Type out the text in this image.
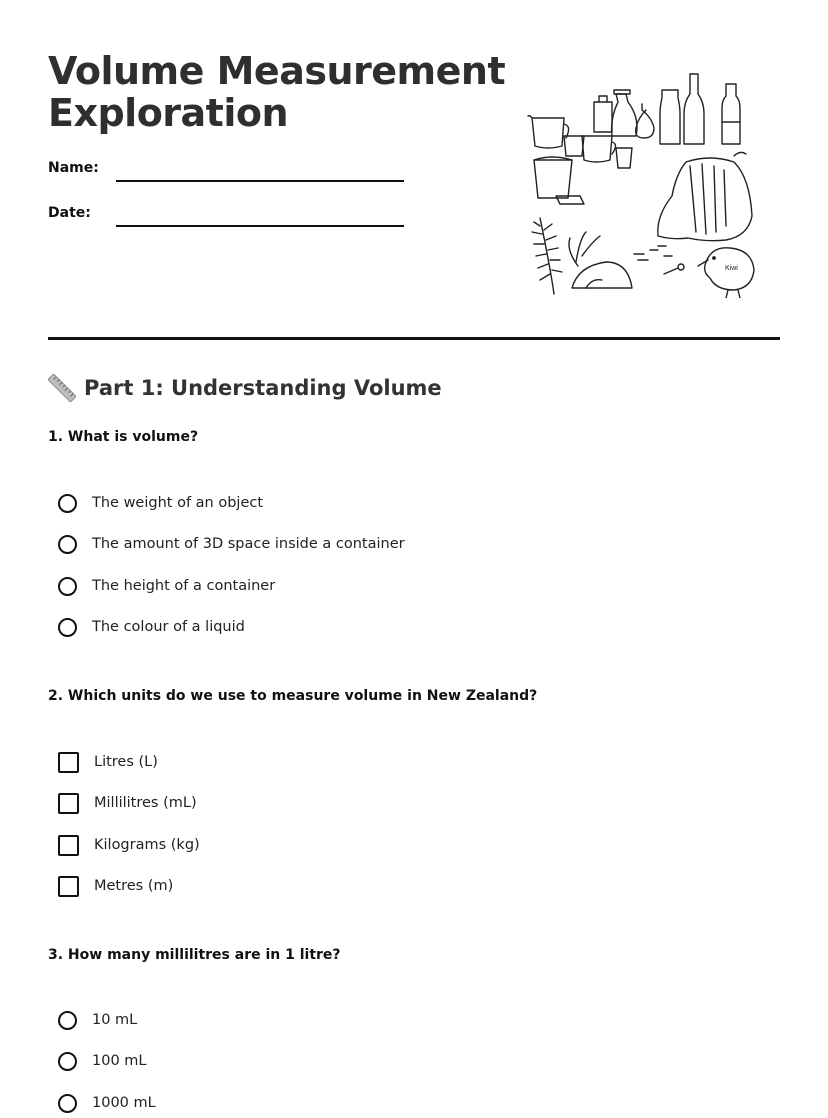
Volume Measurement
Exploration
Name:
Date:
Kiwi
Part 1: Understanding Volume

1. What is volume?

The weight of an object
The amount of 3D space inside a container
The height of a container
The colour of a liquid

2. Which units do we use to measure volume in New Zealand?

Litres (L)
Millilitres (mL)
Kilograms (kg)
Metres (m)

3. How many millilitres are in 1 litre?

10 mL
100 mL
1000 mL
